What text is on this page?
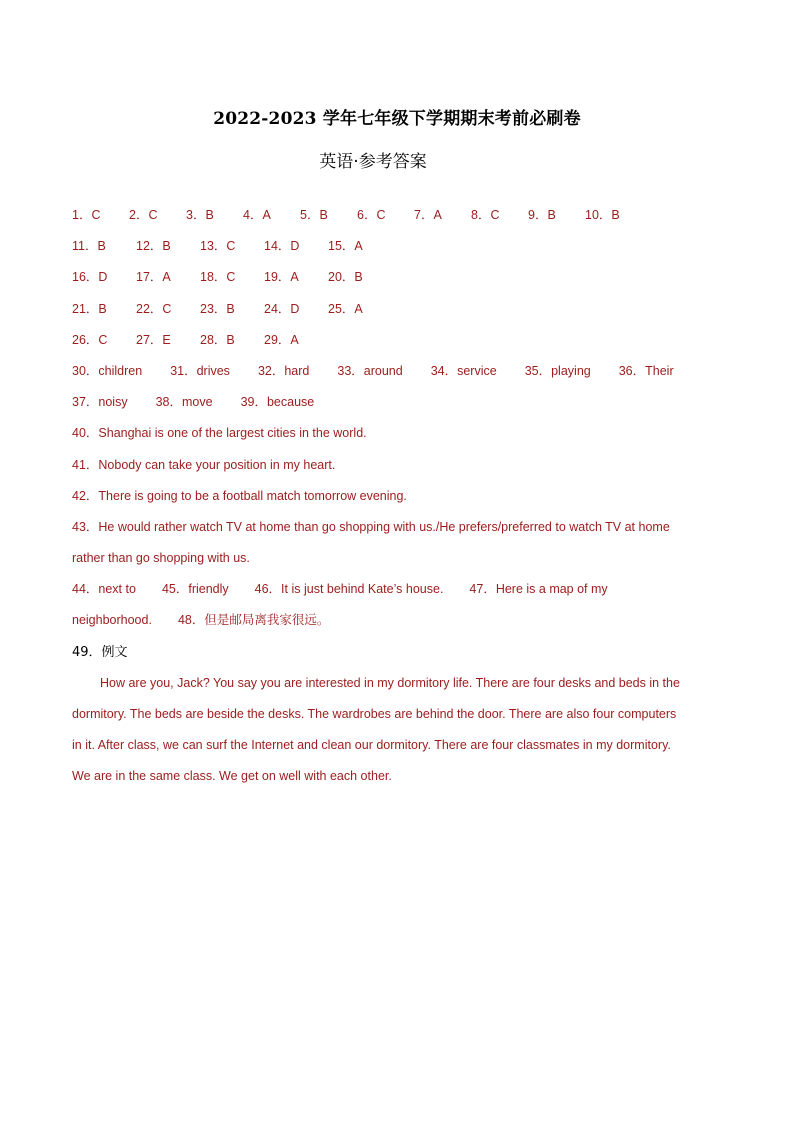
2022-2023 学年七年级下学期期末考前必刷卷
英语·参考答案
1．C	2．C	3．B	4．A	5．B	6．C	7．A	8．C	9．B	10．B
11．B	12．B	13．C	14．D	15．A
16．D	17．A	18．C	19．A	20．B
21．B	22．C	23．B	24．D	25．A
26．C	27．E	28．B	29．A
30．children 31．drives 32．hard 33．around 34．service 35．playing 36．Their
37．noisy 38．move 39．because
40．Shanghai is one of the largest cities in the world.
41．Nobody can take your position in my heart.
42．There is going to be a football match tomorrow evening.
43．He would rather watch TV at home than go shopping with us./He prefers/preferred to watch TV at home rather than go shopping with us.
44．next to 45．friendly 46．It is just behind Kate’s house. 47．Here is a map of my neighborhood. 48．但是邮局离我家很远。
49．例文
How are you, Jack? You say you are interested in my dormitory life. There are four desks and beds in the dormitory. The beds are beside the desks. The wardrobes are behind the door. There are also four computers in it. After class, we can surf the Internet and clean our dormitory. There are four classmates in my dormitory. We are in the same class. We get on well with each other.
